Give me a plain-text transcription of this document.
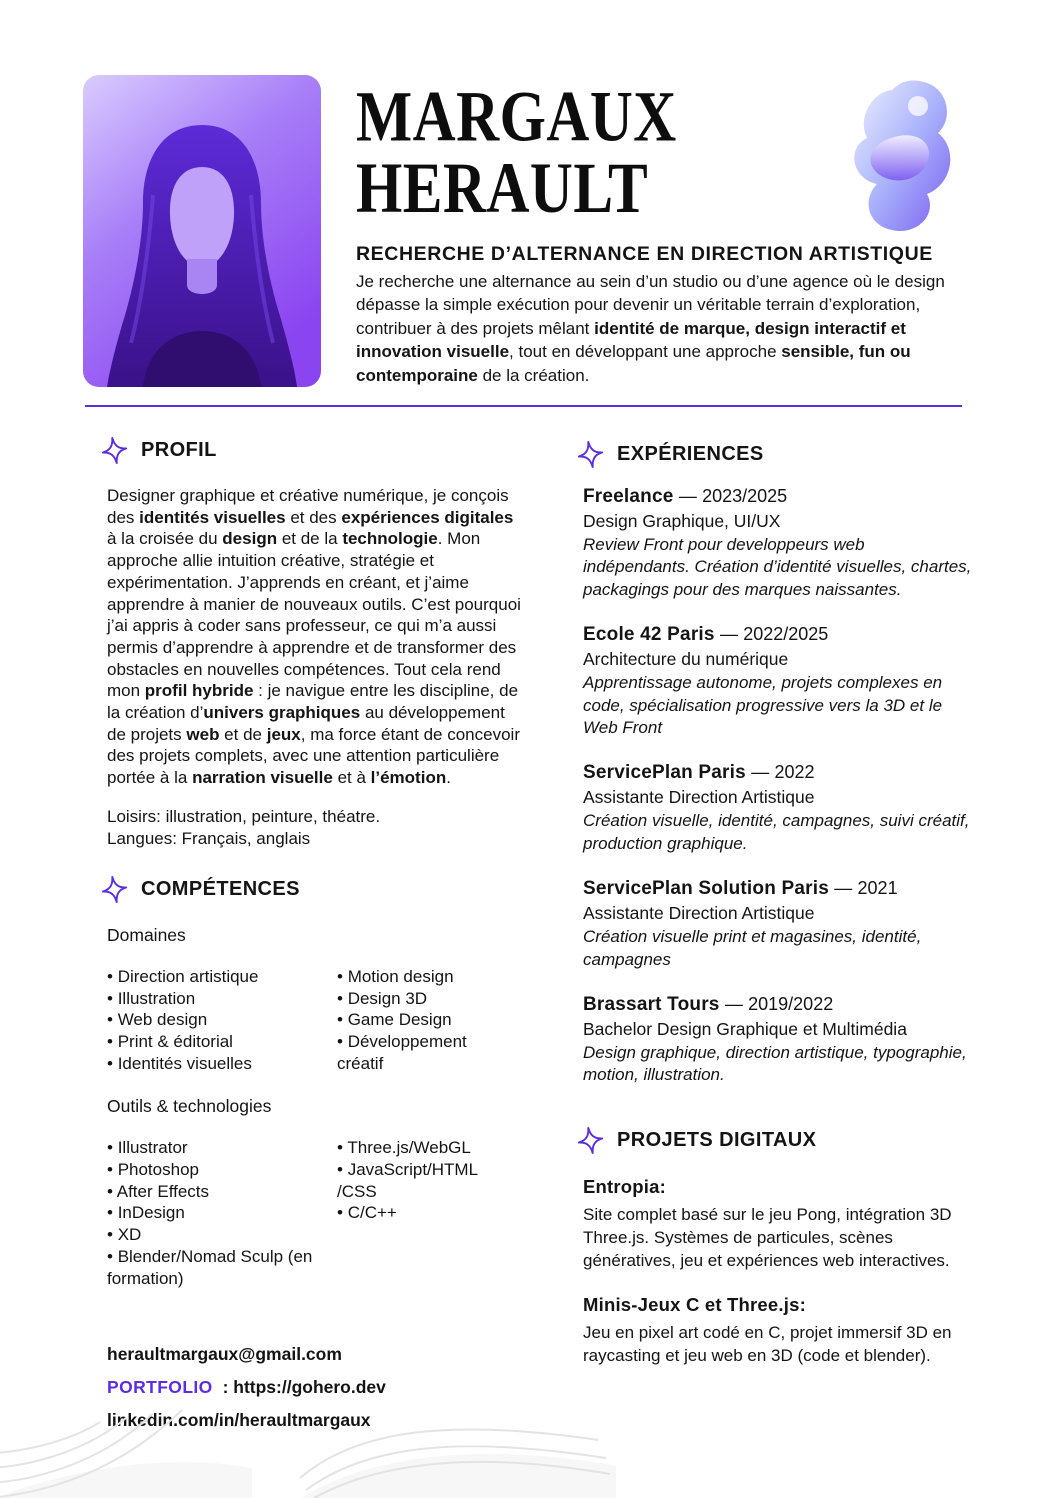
MARGAUX
HERAULT
RECHERCHE D’ALTERNANCE EN DIRECTION ARTISTIQUE

Je recherche une alternance au sein d’un studio ou d’une agence où le design dépasse la simple exécution pour devenir un véritable terrain d’exploration, contribuer à des projets mêlant identité de marque, design interactif et innovation visuelle, tout en développant une approche sensible, fun ou contemporaine de la création.

PROFIL

Designer graphique et créative numérique, je conçois des identités visuelles et des expériences digitales à la croisée du design et de la technologie. Mon approche allie intuition créative, stratégie et expérimentation. J’apprends en créant, et j’aime apprendre à manier de nouveaux outils. C’est pourquoi j’ai appris à coder sans professeur, ce qui m’a aussi permis d’apprendre à apprendre et de transformer des obstacles en nouvelles compétences. Tout cela rend mon profil hybride : je navigue entre les discipline, de la création d’univers graphiques au développement de projets web et de jeux, ma force étant de concevoir des projets complets, avec une attention particulière portée à la narration visuelle et à l’émotion.

Loisirs: illustration, peinture, théatre.

Langues: Français, anglais

COMPÉTENCES

Domaines

• Direction artistique
• Illustration
• Web design
• Print & éditorial
• Identités visuelles
• Motion design
• Design 3D
• Game Design
• Développement créatif

Outils & technologies

• Illustrator
• Photoshop
• After Effects
• InDesign
• XD
• Blender/Nomad Sculp (en formation)
• Three.js/WebGL
• JavaScript/HTML /CSS
• C/C++
EXPÉRIENCES
Freelance — 2023/2025
Design Graphique, UI/UX
Review Front pour developpeurs web indépendants. Création d’identité visuelles, chartes, packagings pour des marques naissantes.
Ecole 42 Paris — 2022/2025
Architecture du numérique
Apprentissage autonome, projets complexes en code, spécialisation progressive vers la 3D et le Web Front
ServicePlan Paris — 2022
Assistante Direction Artistique
Création visuelle, identité, campagnes, suivi créatif, production graphique.
ServicePlan Solution Paris — 2021
Assistante Direction Artistique
Création visuelle print et magasines, identité, campagnes
Brassart Tours — 2019/2022
Bachelor Design Graphique et Multimédia
Design graphique, direction artistique, typographie, motion, illustration.
PROJETS DIGITAUX
Entropia:
Site complet basé sur le jeu Pong, intégration 3D Three.js. Systèmes de particules, scènes génératives, jeu et expériences web interactives.
Minis-Jeux C et Three.js:
Jeu en pixel art codé en C, projet immersif 3D en raycasting et jeu web en 3D (code et blender).
heraultmargaux@gmail.com
PORTFOLIO : https://gohero.dev
linkedin.com/in/heraultmargaux
